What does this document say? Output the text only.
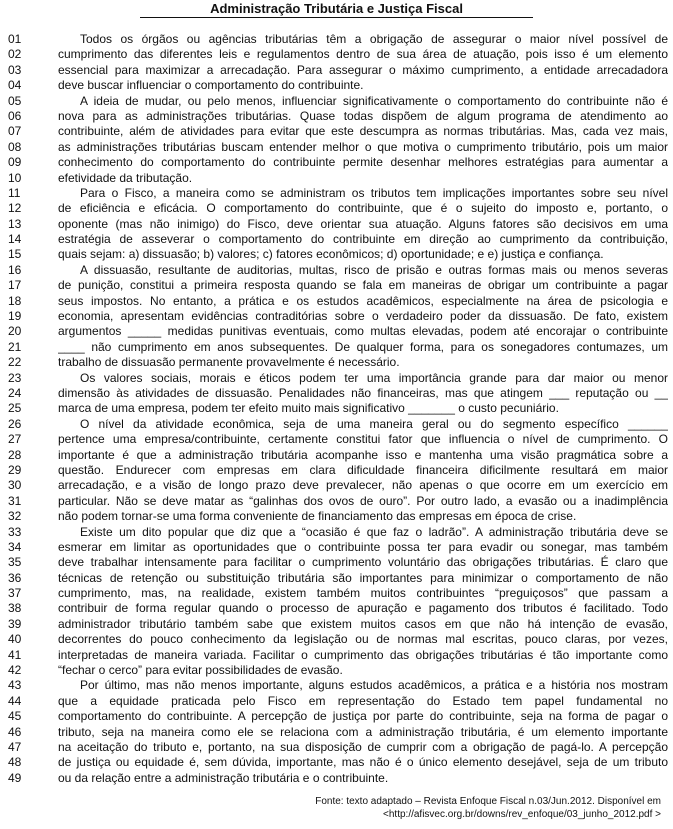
Administração Tributária e Justiça Fiscal
01	Todos os órgãos ou agências tributárias têm a obrigação de assegurar o maior nível possível de
02	cumprimento das diferentes leis e regulamentos dentro de sua área de atuação, pois isso é um elemento
03	essencial para maximizar a arrecadação. Para assegurar o máximo cumprimento, a entidade arrecadadora
04	deve buscar influenciar o comportamento do contribuinte.
05	A ideia de mudar, ou pelo menos, influenciar significativamente o comportamento do contribuinte não é
06	nova para as administrações tributárias. Quase todas dispõem de algum programa de atendimento ao
07	contribuinte, além de atividades para evitar que este descumpra as normas tributárias. Mas, cada vez mais,
08	as administrações tributárias buscam entender melhor o que motiva o cumprimento tributário, pois um maior
09	conhecimento do comportamento do contribuinte permite desenhar melhores estratégias para aumentar a
10	efetividade da tributação.
11	Para o Fisco, a maneira como se administram os tributos tem implicações importantes sobre seu nível
12	de eficiência e eficácia. O comportamento do contribuinte, que é o sujeito do imposto e, portanto, o
13	oponente (mas não inimigo) do Fisco, deve orientar sua atuação. Alguns fatores são decisivos em uma
14	estratégia de asseverar o comportamento do contribuinte em direção ao cumprimento da contribuição,
15	quais sejam: a) dissuasão; b) valores; c) fatores econômicos; d) oportunidade; e e) justiça e confiança.
16	A dissuasão, resultante de auditorias, multas, risco de prisão e outras formas mais ou menos severas
17	de punição, constitui a primeira resposta quando se fala em maneiras de obrigar um contribuinte a pagar
18	seus impostos. No entanto, a prática e os estudos acadêmicos, especialmente na área de psicologia e
19	economia, apresentam evidências contraditórias sobre o verdadeiro poder da dissuasão. De fato, existem
20	argumentos _____ medidas punitivas eventuais, como multas elevadas, podem até encorajar o contribuinte
21	____ não cumprimento em anos subsequentes. De qualquer forma, para os sonegadores contumazes, um
22	trabalho de dissuasão permanente provavelmente é necessário.
23	Os valores sociais, morais e éticos podem ter uma importância grande para dar maior ou menor
24	dimensão às atividades de dissuasão. Penalidades não financeiras, mas que atingem ___ reputação ou __
25	marca de uma empresa, podem ter efeito muito mais significativo _______ o custo pecuniário.
26	O nível da atividade econômica, seja de uma maneira geral ou do segmento específico ______
27	pertence uma empresa/contribuinte, certamente constitui fator que influencia o nível de cumprimento. O
28	importante é que a administração tributária acompanhe isso e mantenha uma visão pragmática sobre a
29	questão. Endurecer com empresas em clara dificuldade financeira dificilmente resultará em maior
30	arrecadação, e a visão de longo prazo deve prevalecer, não apenas o que ocorre em um exercício em
31	particular. Não se deve matar as “galinhas dos ovos de ouro”. Por outro lado, a evasão ou a inadimplência
32	não podem tornar-se uma forma conveniente de financiamento das empresas em época de crise.
33	Existe um dito popular que diz que a “ocasião é que faz o ladrão”. A administração tributária deve se
34	esmerar em limitar as oportunidades que o contribuinte possa ter para evadir ou sonegar, mas também
35	deve trabalhar intensamente para facilitar o cumprimento voluntário das obrigações tributárias. É claro que
36	técnicas de retenção ou substituição tributária são importantes para minimizar o comportamento de não
37	cumprimento, mas, na realidade, existem também muitos contribuintes “preguiçosos” que passam a
38	contribuir de forma regular quando o processo de apuração e pagamento dos tributos é facilitado. Todo
39	administrador tributário também sabe que existem muitos casos em que não há intenção de evasão,
40	decorrentes do pouco conhecimento da legislação ou de normas mal escritas, pouco claras, por vezes,
41	interpretadas de maneira variada. Facilitar o cumprimento das obrigações tributárias é tão importante como
42	“fechar o cerco” para evitar possibilidades de evasão.
43	Por último, mas não menos importante, alguns estudos acadêmicos, a prática e a história nos mostram
44	que a equidade praticada pelo Fisco em representação do Estado tem papel fundamental no
45	comportamento do contribuinte. A percepção de justiça por parte do contribuinte, seja na forma de pagar o
46	tributo, seja na maneira como ele se relaciona com a administração tributária, é um elemento importante
47	na aceitação do tributo e, portanto, na sua disposição de cumprir com a obrigação de pagá-lo. A percepção
48	de justiça ou equidade é, sem dúvida, importante, mas não é o único elemento desejável, seja de um tributo
49	ou da relação entre a administração tributária e o contribuinte.
Fonte: texto adaptado – Revista Enfoque Fiscal n.03/Jun.2012. Disponível em
<http://afisvec.org.br/downs/rev_enfoque/03_junho_2012.pdf >
